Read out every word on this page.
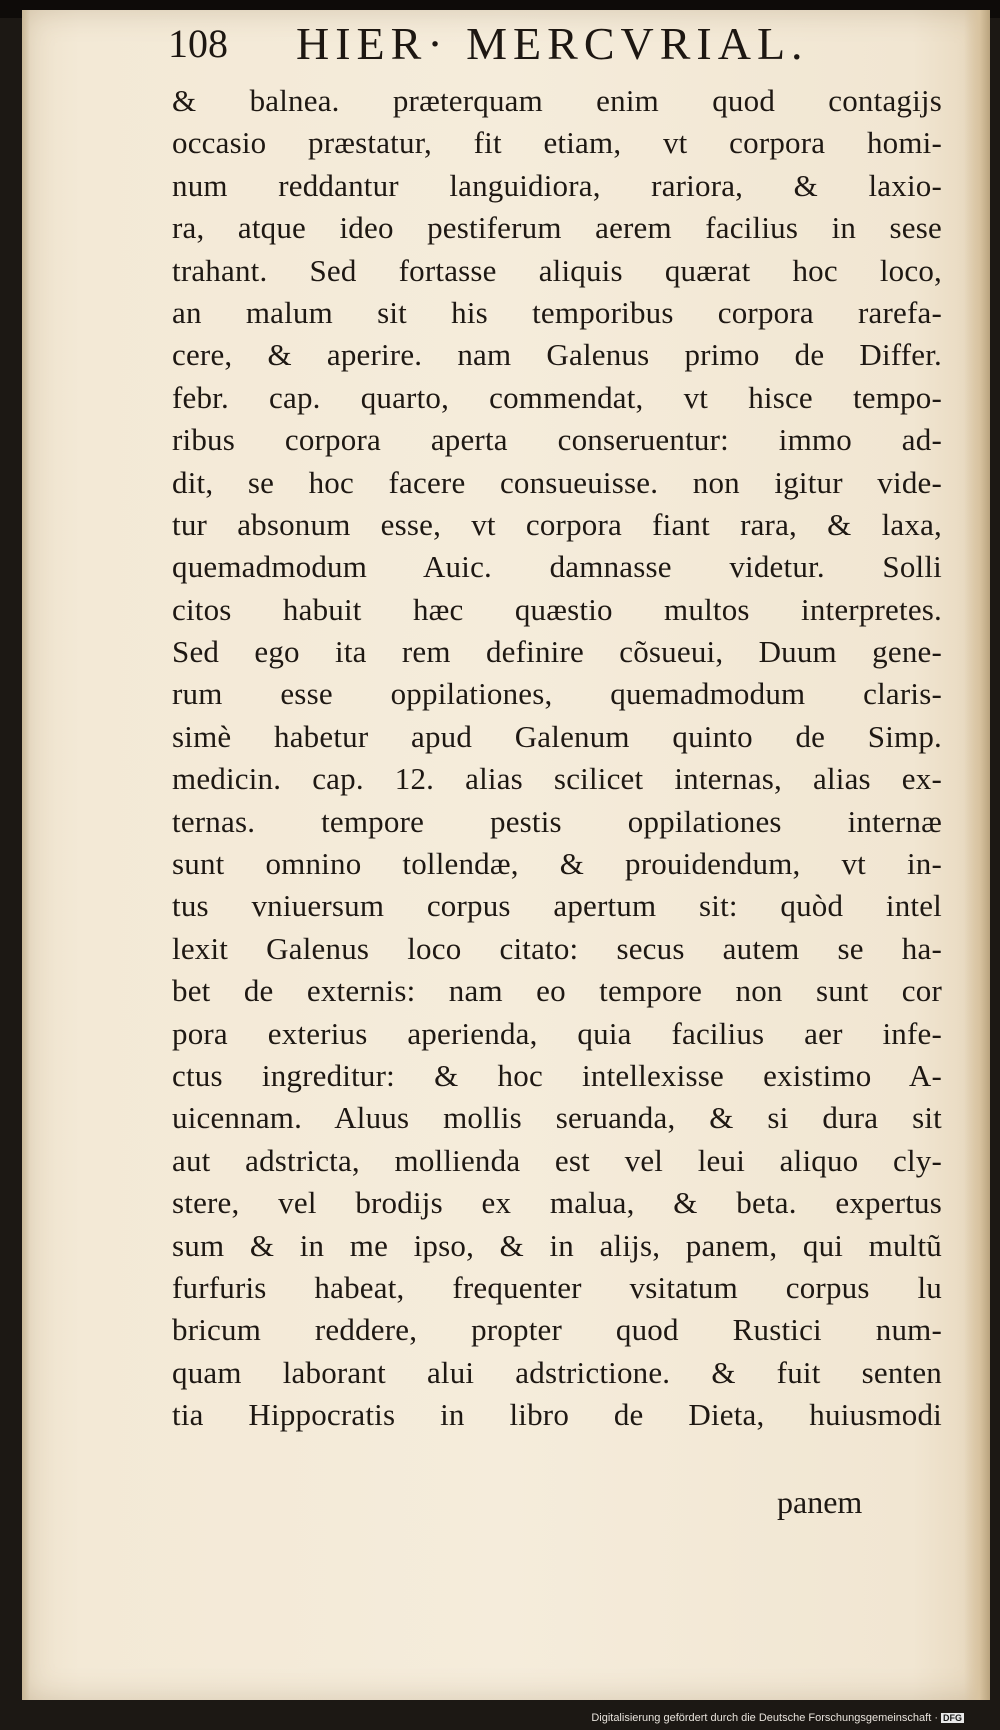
108 HIER· MERCVRIAL.
& balnea. præterquam enim quod contagijs
occasio præstatur, fit etiam, vt corpora homi-
num reddantur languidiora, rariora, & laxio-
ra, atque ideo pestiferum aerem facilius in sese
trahant. Sed fortasse aliquis quærat hoc loco,
an malum sit his temporibus corpora rarefa-
cere, & aperire. nam Galenus primo de Differ.
febr. cap. quarto, commendat, vt hisce tempo-
ribus corpora aperta conseruentur: immo ad-
dit, se hoc facere consueuisse. non igitur vide-
tur absonum esse, vt corpora fiant rara, & laxa,
quemadmodum Auic. damnasse videtur. Solli
citos habuit hæc quæstio multos interpretes.
Sed ego ita rem definire cõsueui, Duum gene-
rum esse oppilationes, quemadmodum claris-
simè habetur apud Galenum quinto de Simp.
medicin. cap. 12. alias scilicet internas, alias ex-
ternas. tempore pestis oppilationes internæ
sunt omnino tollendæ, & prouidendum, vt in-
tus vniuersum corpus apertum sit: quòd intel
lexit Galenus loco citato: secus autem se ha-
bet de externis: nam eo tempore non sunt cor
pora exterius aperienda, quia facilius aer infe-
ctus ingreditur: & hoc intellexisse existimo A-
uicennam. Aluus mollis seruanda, & si dura sit
aut adstricta, mollienda est vel leui aliquo cly-
stere, vel brodijs ex malua, & beta. expertus
sum & in me ipso, & in alijs, panem, qui multũ
furfuris habeat, frequenter vsitatum corpus lu
bricum reddere, propter quod Rustici num-
quam laborant alui adstrictione. & fuit senten
tia Hippocratis in libro de Dieta, huiusmodi
panem
Digitalisierung gefördert durch die Deutsche Forschungsgemeinschaft · DFG
